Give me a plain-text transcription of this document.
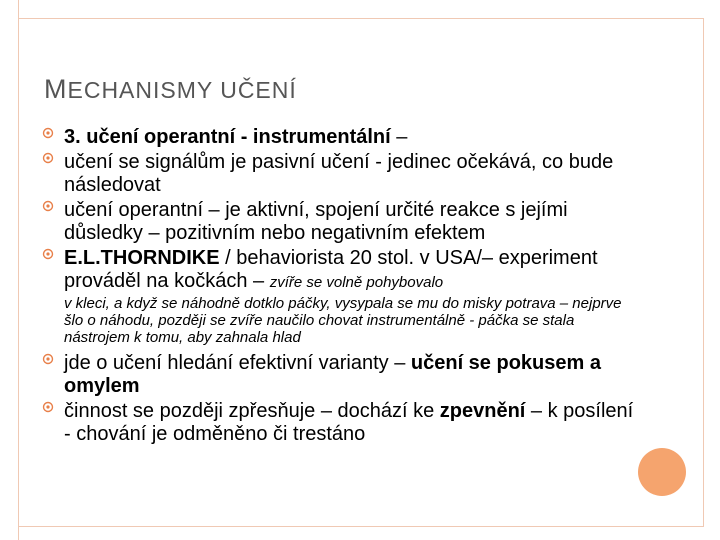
MECHANISMY UČENÍ
3. učení operantní - instrumentální –
učení se signálům je pasivní učení - jedinec očekává, co bude následovat
učení operantní – je aktivní, spojení určité reakce s jejími důsledky – pozitivním nebo negativním efektem
E.L.THORNDIKE / behaviorista 20 stol. v USA/– experiment prováděl na kočkách – zvíře se volně pohybovalo
v kleci, a když se náhodně dotklo páčky, vysypala se mu do misky potrava – nejprve šlo o náhodu, později se zvíře naučilo chovat instrumentálně - páčka se stala nástrojem k tomu, aby zahnala hlad
jde o učení hledání efektivní varianty – učení se pokusem a omylem
činnost se později zpřesňuje – dochází ke zpevnění – k posílení - chování je odměněno či trestáno
